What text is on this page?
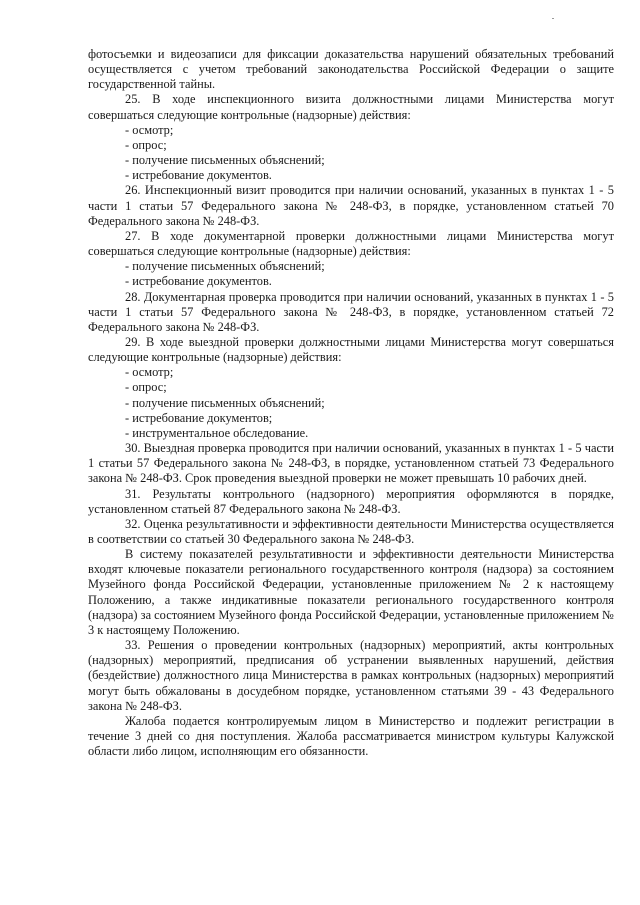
фотосъемки и видеозаписи для фиксации доказательства нарушений обязательных требований осуществляется с учетом требований законодательства Российской Федерации о защите государственной тайны.

25. В ходе инспекционного визита должностными лицами Министерства могут совершаться следующие контрольные (надзорные) действия:

- осмотр;
- опрос;
- получение письменных объяснений;
- истребование документов.

26. Инспекционный визит проводится при наличии оснований, указанных в пунктах 1 - 5 части 1 статьи 57 Федерального закона № 248-ФЗ, в порядке, установленном статьей 70 Федерального закона № 248-ФЗ.

27. В ходе документарной проверки должностными лицами Министерства могут совершаться следующие контрольные (надзорные) действия:

- получение письменных объяснений;
- истребование документов.

28. Документарная проверка проводится при наличии оснований, указанных в пунктах 1 - 5 части 1 статьи 57 Федерального закона № 248-ФЗ, в порядке, установленном статьей 72 Федерального закона № 248-ФЗ.

29. В ходе выездной проверки должностными лицами Министерства могут совершаться следующие контрольные (надзорные) действия:

- осмотр;
- опрос;
- получение письменных объяснений;
- истребование документов;
- инструментальное обследование.

30. Выездная проверка проводится при наличии оснований, указанных в пунктах 1 - 5 части 1 статьи 57 Федерального закона № 248-ФЗ, в порядке, установленном статьей 73 Федерального закона № 248-ФЗ. Срок проведения выездной проверки не может превышать 10 рабочих дней.

31. Результаты контрольного (надзорного) мероприятия оформляются в порядке, установленном статьей 87 Федерального закона № 248-ФЗ.

32. Оценка результативности и эффективности деятельности Министерства осуществляется в соответствии со статьей 30 Федерального закона № 248-ФЗ.

В систему показателей результативности и эффективности деятельности Министерства входят ключевые показатели регионального государственного контроля (надзора) за состоянием Музейного фонда Российской Федерации, установленные приложением № 2 к настоящему Положению, а также индикативные показатели регионального государственного контроля (надзора) за состоянием Музейного фонда Российской Федерации, установленные приложением № 3 к настоящему Положению.

33. Решения о проведении контрольных (надзорных) мероприятий, акты контрольных (надзорных) мероприятий, предписания об устранении выявленных нарушений, действия (бездействие) должностного лица Министерства в рамках контрольных (надзорных) мероприятий могут быть обжалованы в досудебном порядке, установленном статьями 39 - 43 Федерального закона № 248-ФЗ.

Жалоба подается контролируемым лицом в Министерство и подлежит регистрации в течение 3 дней со дня поступления. Жалоба рассматривается министром культуры Калужской области либо лицом, исполняющим его обязанности.
